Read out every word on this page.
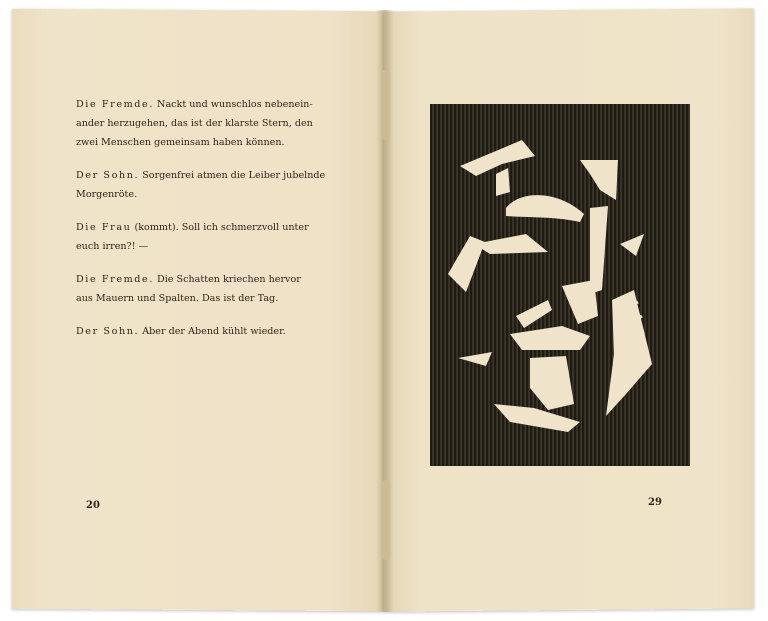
Die Fremde. Nackt und wunschlos nebenein-
ander herzugehen, das ist der klarste Stern, den
zwei Menschen gemeinsam haben können.

Der Sohn. Sorgenfrei atmen die Leiber jubelnde
Morgenröte.

Die Frau (kommt). Soll ich schmerzvoll unter
euch irren?! —

Die Fremde. Die Schatten kriechen hervor
aus Mauern und Spalten. Das ist der Tag.

Der Sohn. Aber der Abend kühlt wieder.

20	29
